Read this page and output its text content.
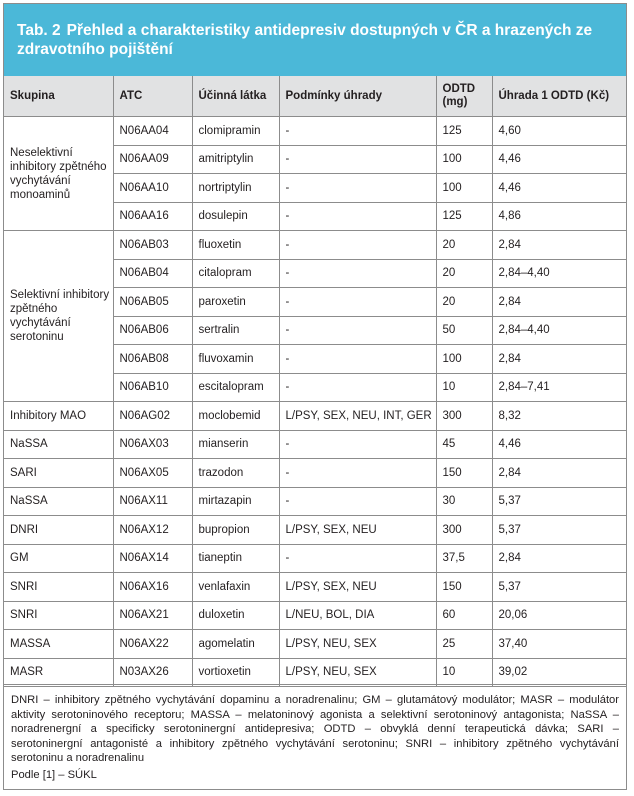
Tab. 2 Přehled a charakteristiky antidepresiv dostupných v ČR a hrazených ze zdravotního pojištění
Skupina	ATC	Účinná látka	Podmínky úhrady	ODTD (mg)	Úhrada 1 ODTD (Kč)
Neselektivní inhibitory zpětného vychytávání monoaminů	N06AA04	clomipramin	-	125	4,60
	N06AA09	amitriptylin	-	100	4,46
	N06AA10	nortriptylin	-	100	4,46
	N06AA16	dosulepin	-	125	4,86
Selektivní inhibitory zpětného vychytávání serotoninu	N06AB03	fluoxetin	-	20	2,84
	N06AB04	citalopram	-	20	2,84–4,40
	N06AB05	paroxetin	-	20	2,84
	N06AB06	sertralin	-	50	2,84–4,40
	N06AB08	fluvoxamin	-	100	2,84
	N06AB10	escitalopram	-	10	2,84–7,41
Inhibitory MAO	N06AG02	moclobemid	L/PSY, SEX, NEU, INT, GER	300	8,32
NaSSA	N06AX03	mianserin	-	45	4,46
SARI	N06AX05	trazodon	-	150	2,84
NaSSA	N06AX11	mirtazapin	-	30	5,37
DNRI	N06AX12	bupropion	L/PSY, SEX, NEU	300	5,37
GM	N06AX14	tianeptin	-	37,5	2,84
SNRI	N06AX16	venlafaxin	L/PSY, SEX, NEU	150	5,37
SNRI	N06AX21	duloxetin	L/NEU, BOL, DIA	60	20,06
MASSA	N06AX22	agomelatin	L/PSY, NEU, SEX	25	37,40
MASR	N03AX26	vortioxetin	L/PSY, NEU, SEX	10	39,02
DNRI – inhibitory zpětného vychytávání dopaminu a noradrenalinu; GM – glutamátový modulátor; MASR – modulátor aktivity serotoninového receptoru; MASSA – melatoninový agonista a selektivní serotoninový antagonista; NaSSA – noradrenergní a specificky serotoninergní antidepresiva; ODTD – obvyklá denní terapeutická dávka; SARI – serotoninergní antagonisté a inhibitory zpětného vychytávání serotoninu; SNRI – inhibitory zpětného vychytávání serotoninu a noradrenalinu
Podle [1] – SÚKL
